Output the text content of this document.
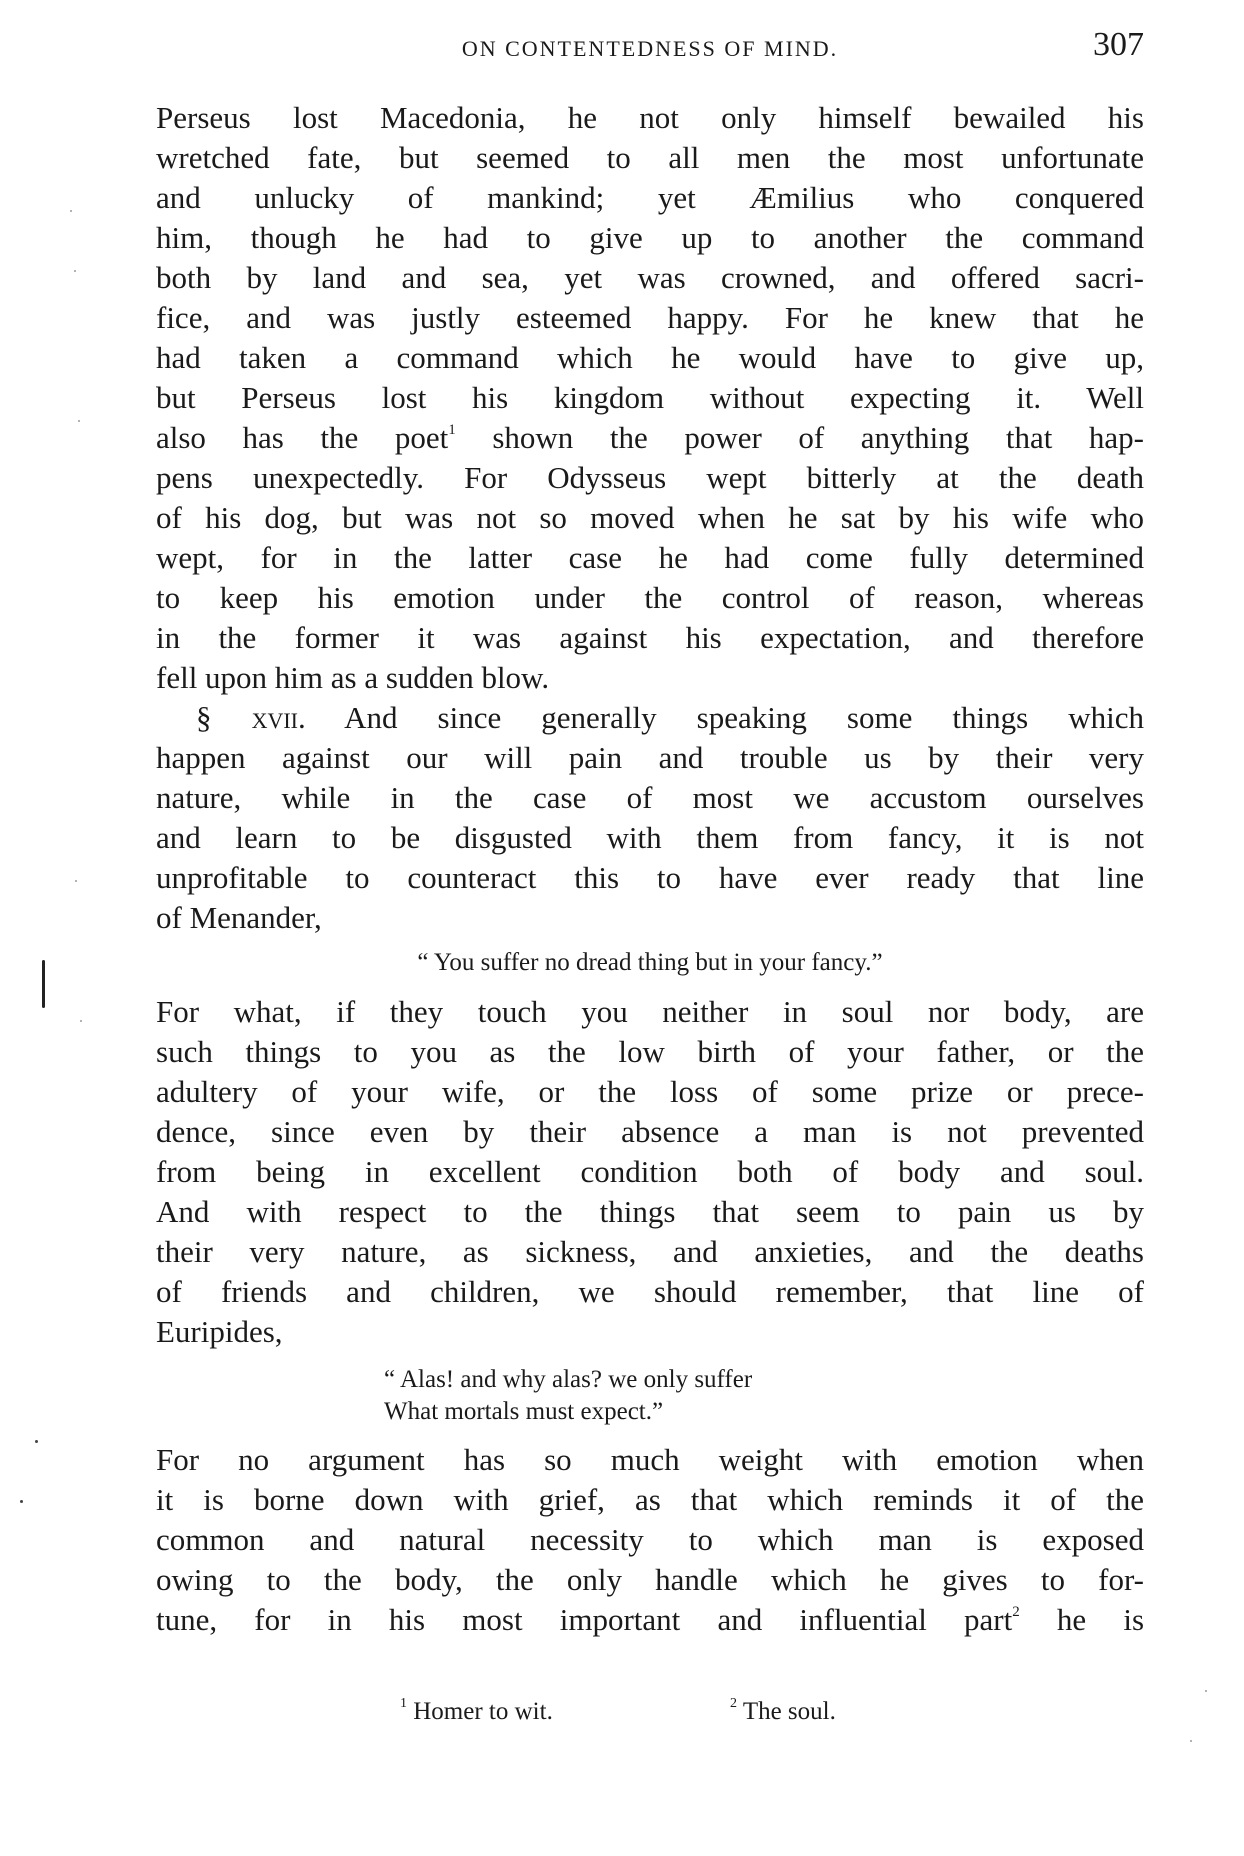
ON CONTENTEDNESS OF MIND.	307
Perseus lost Macedonia, he not only himself bewailed his
wretched fate, but seemed to all men the most unfortunate
and unlucky of mankind; yet Æmilius who conquered
him, though he had to give up to another the command
both by land and sea, yet was crowned, and offered sacri-
fice, and was justly esteemed happy. For he knew that he
had taken a command which he would have to give up,
but Perseus lost his kingdom without expecting it. Well
also has the poet$^1$ shown the power of anything that hap-
pens unexpectedly. For Odysseus wept bitterly at the death
of his dog, but was not so moved when he sat by his wife who
wept, for in the latter case he had come fully determined
to keep his emotion under the control of reason, whereas
in the former it was against his expectation, and therefore
fell upon him as a sudden blow.
§ xvii. And since generally speaking some things which
happen against our will pain and trouble us by their very
nature, while in the case of most we accustom ourselves
and learn to be disgusted with them from fancy, it is not
unprofitable to counteract this to have ever ready that line
of Menander,
“ You suffer no dread thing but in your fancy.”
For what, if they touch you neither in soul nor body, are
such things to you as the low birth of your father, or the
adultery of your wife, or the loss of some prize or prece-
dence, since even by their absence a man is not prevented
from being in excellent condition both of body and soul.
And with respect to the things that seem to pain us by
their very nature, as sickness, and anxieties, and the deaths
of friends and children, we should remember, that line of
Euripides,
“ Alas! and why alas? we only suffer
What mortals must expect.”
For no argument has so much weight with emotion when
it is borne down with grief, as that which reminds it of the
common and natural necessity to which man is exposed
owing to the body, the only handle which he gives to for-
tune, for in his most important and influential part$^2$ he is
$^1$ Homer to wit.	$^2$ The soul.
